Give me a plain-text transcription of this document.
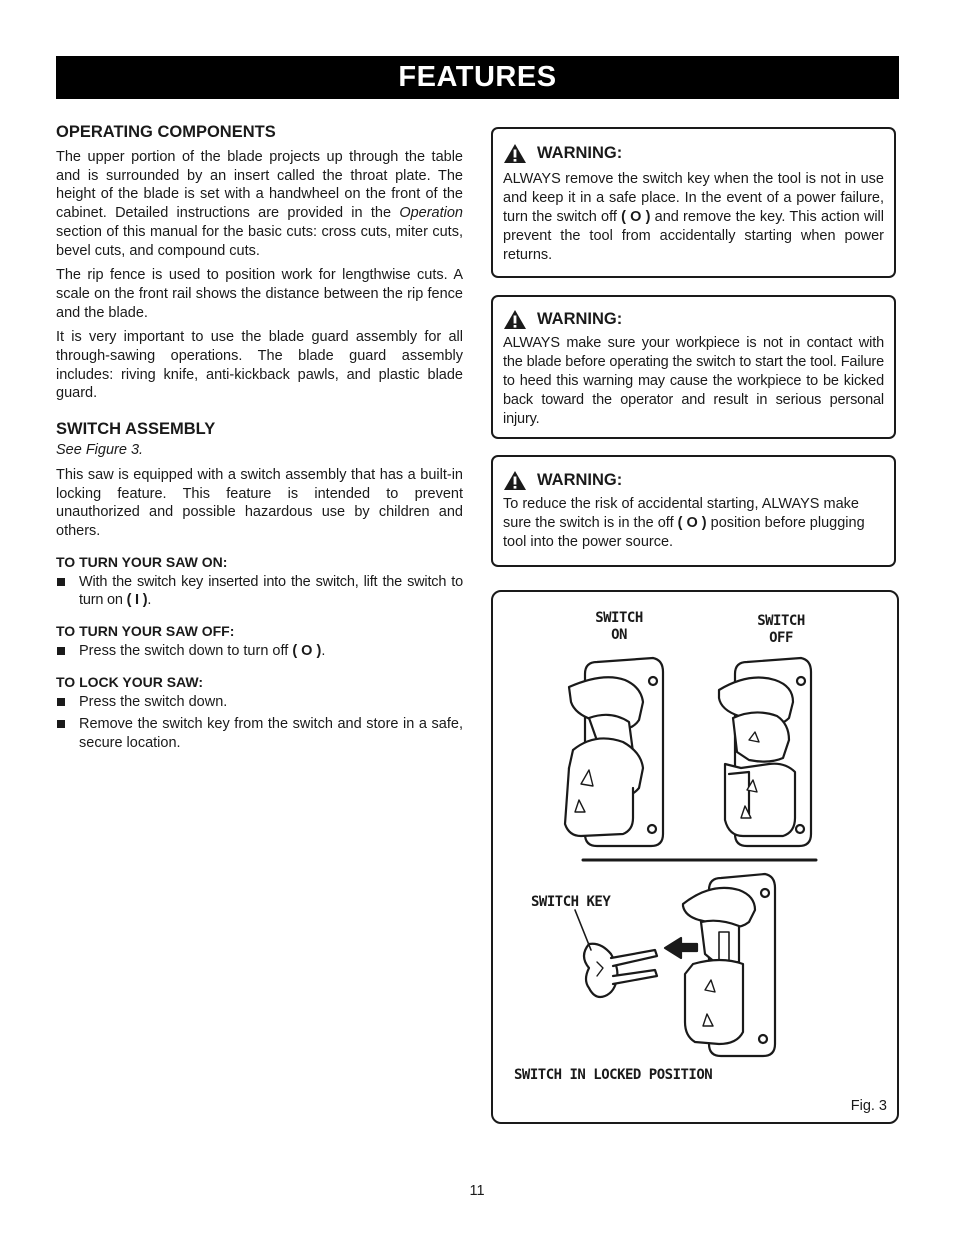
FEATURES
OPERATING COMPONENTS

The upper portion of the blade projects up through the table and is surrounded by an insert called the throat plate. The height of the blade is set with a handwheel on the front of the cabinet. Detailed instructions are provided in the Operation section of this manual for the basic cuts: cross cuts, miter cuts, bevel cuts, and compound cuts.

The rip fence is used to position work for lengthwise cuts. A scale on the front rail shows the distance between the rip fence and the blade.

It is very important to use the blade guard assembly for all through-sawing operations. The blade guard assembly includes: riving knife, anti-kickback pawls, and plastic blade guard.

SWITCH ASSEMBLY
See Figure 3.

This saw is equipped with a switch assembly that has a built-in locking feature. This feature is intended to prevent unauthorized and possible hazardous use by children and others.

TO TURN YOUR SAW ON:
With the switch key inserted into the switch, lift the switch to turn on ( I ).
TO TURN YOUR SAW OFF:
Press the switch down to turn off ( O ).
TO LOCK YOUR SAW:
Press the switch down.
Remove the switch key from the switch and store in a safe, secure location.
WARNING:

ALWAYS remove the switch key when the tool is not in use and keep it in a safe place. In the event of a power failure, turn the switch off ( O ) and remove the key. This action will prevent the tool from accidentally starting when power returns.

WARNING:

ALWAYS make sure your workpiece is not in contact with the blade before operating the switch to start the tool. Failure to heed this warning may cause the workpiece to be kicked back toward the operator and result in serious personal injury.

WARNING:

To reduce the risk of accidental starting, ALWAYS make sure the switch is in the off ( O ) position before plugging tool into the power source.

SWITCH
ON
SWITCH
OFF
SWITCH KEY
SWITCH IN LOCKED POSITION
Fig. 3
11
